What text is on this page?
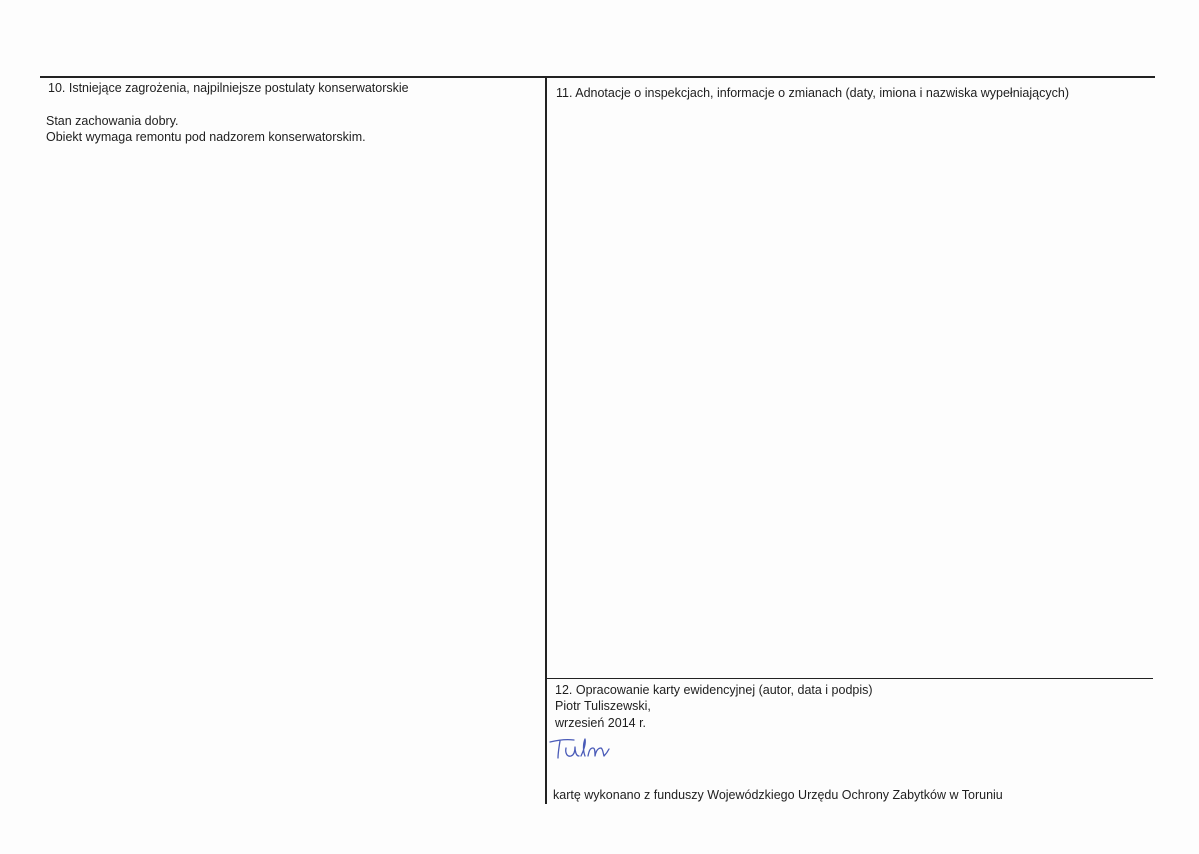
10. Istniejące zagrożenia, najpilniejsze postulaty konserwatorskie
Stan zachowania dobry.
Obiekt wymaga remontu pod nadzorem konserwatorskim.
11. Adnotacje o inspekcjach, informacje o zmianach (daty, imiona i nazwiska wypełniających)
12. Opracowanie karty ewidencyjnej (autor, data i podpis)
Piotr Tuliszewski,
wrzesień 2014 r.
kartę wykonano z funduszy Wojewódzkiego Urzędu Ochrony Zabytków w Toruniu
